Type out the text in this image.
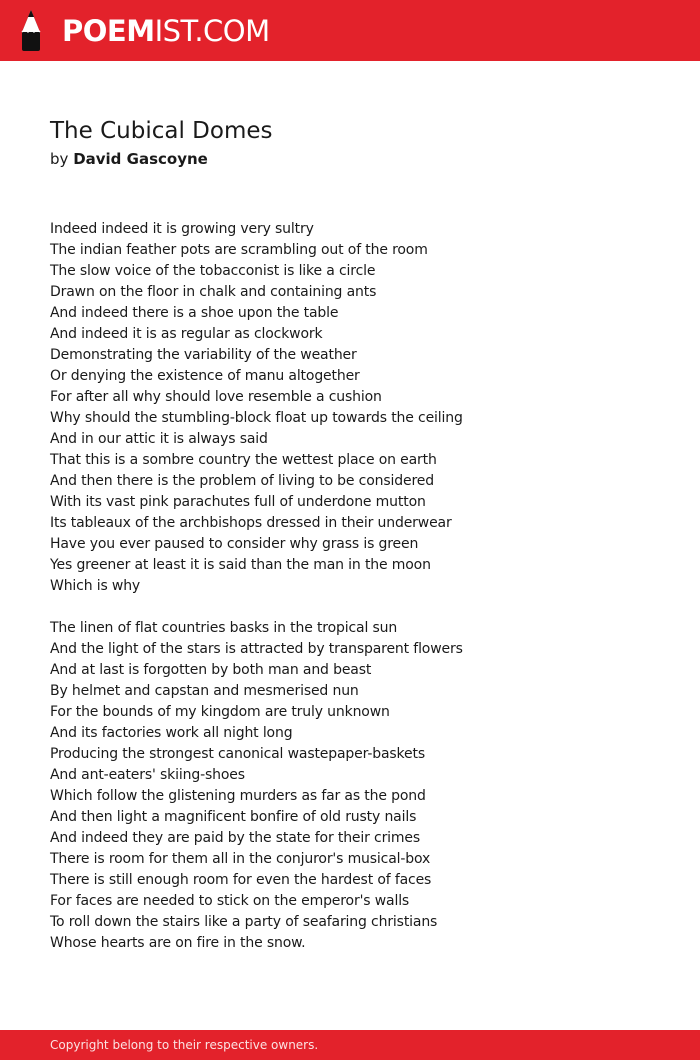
POEMIST.COM
The Cubical Domes
by David Gascoyne
Indeed indeed it is growing very sultry
The indian feather pots are scrambling out of the room
The slow voice of the tobacconist is like a circle
Drawn on the floor in chalk and containing ants
And indeed there is a shoe upon the table
And indeed it is as regular as clockwork
Demonstrating the variability of the weather
Or denying the existence of manu altogether
For after all why should love resemble a cushion
Why should the stumbling-block float up towards the ceiling
And in our attic it is always said
That this is a sombre country the wettest place on earth
And then there is the problem of living to be considered
With its vast pink parachutes full of underdone mutton
Its tableaux of the archbishops dressed in their underwear
Have you ever paused to consider why grass is green
Yes greener at least it is said than the man in the moon
Which is why
The linen of flat countries basks in the tropical sun
And the light of the stars is attracted by transparent flowers
And at last is forgotten by both man and beast
By helmet and capstan and mesmerised nun
For the bounds of my kingdom are truly unknown
And its factories work all night long
Producing the strongest canonical wastepaper-baskets
And ant-eaters' skiing-shoes
Which follow the glistening murders as far as the pond
And then light a magnificent bonfire of old rusty nails
And indeed they are paid by the state for their crimes
There is room for them all in the conjuror's musical-box
There is still enough room for even the hardest of faces
For faces are needed to stick on the emperor's walls
To roll down the stairs like a party of seafaring christians
Whose hearts are on fire in the snow.
Copyright belong to their respective owners.
